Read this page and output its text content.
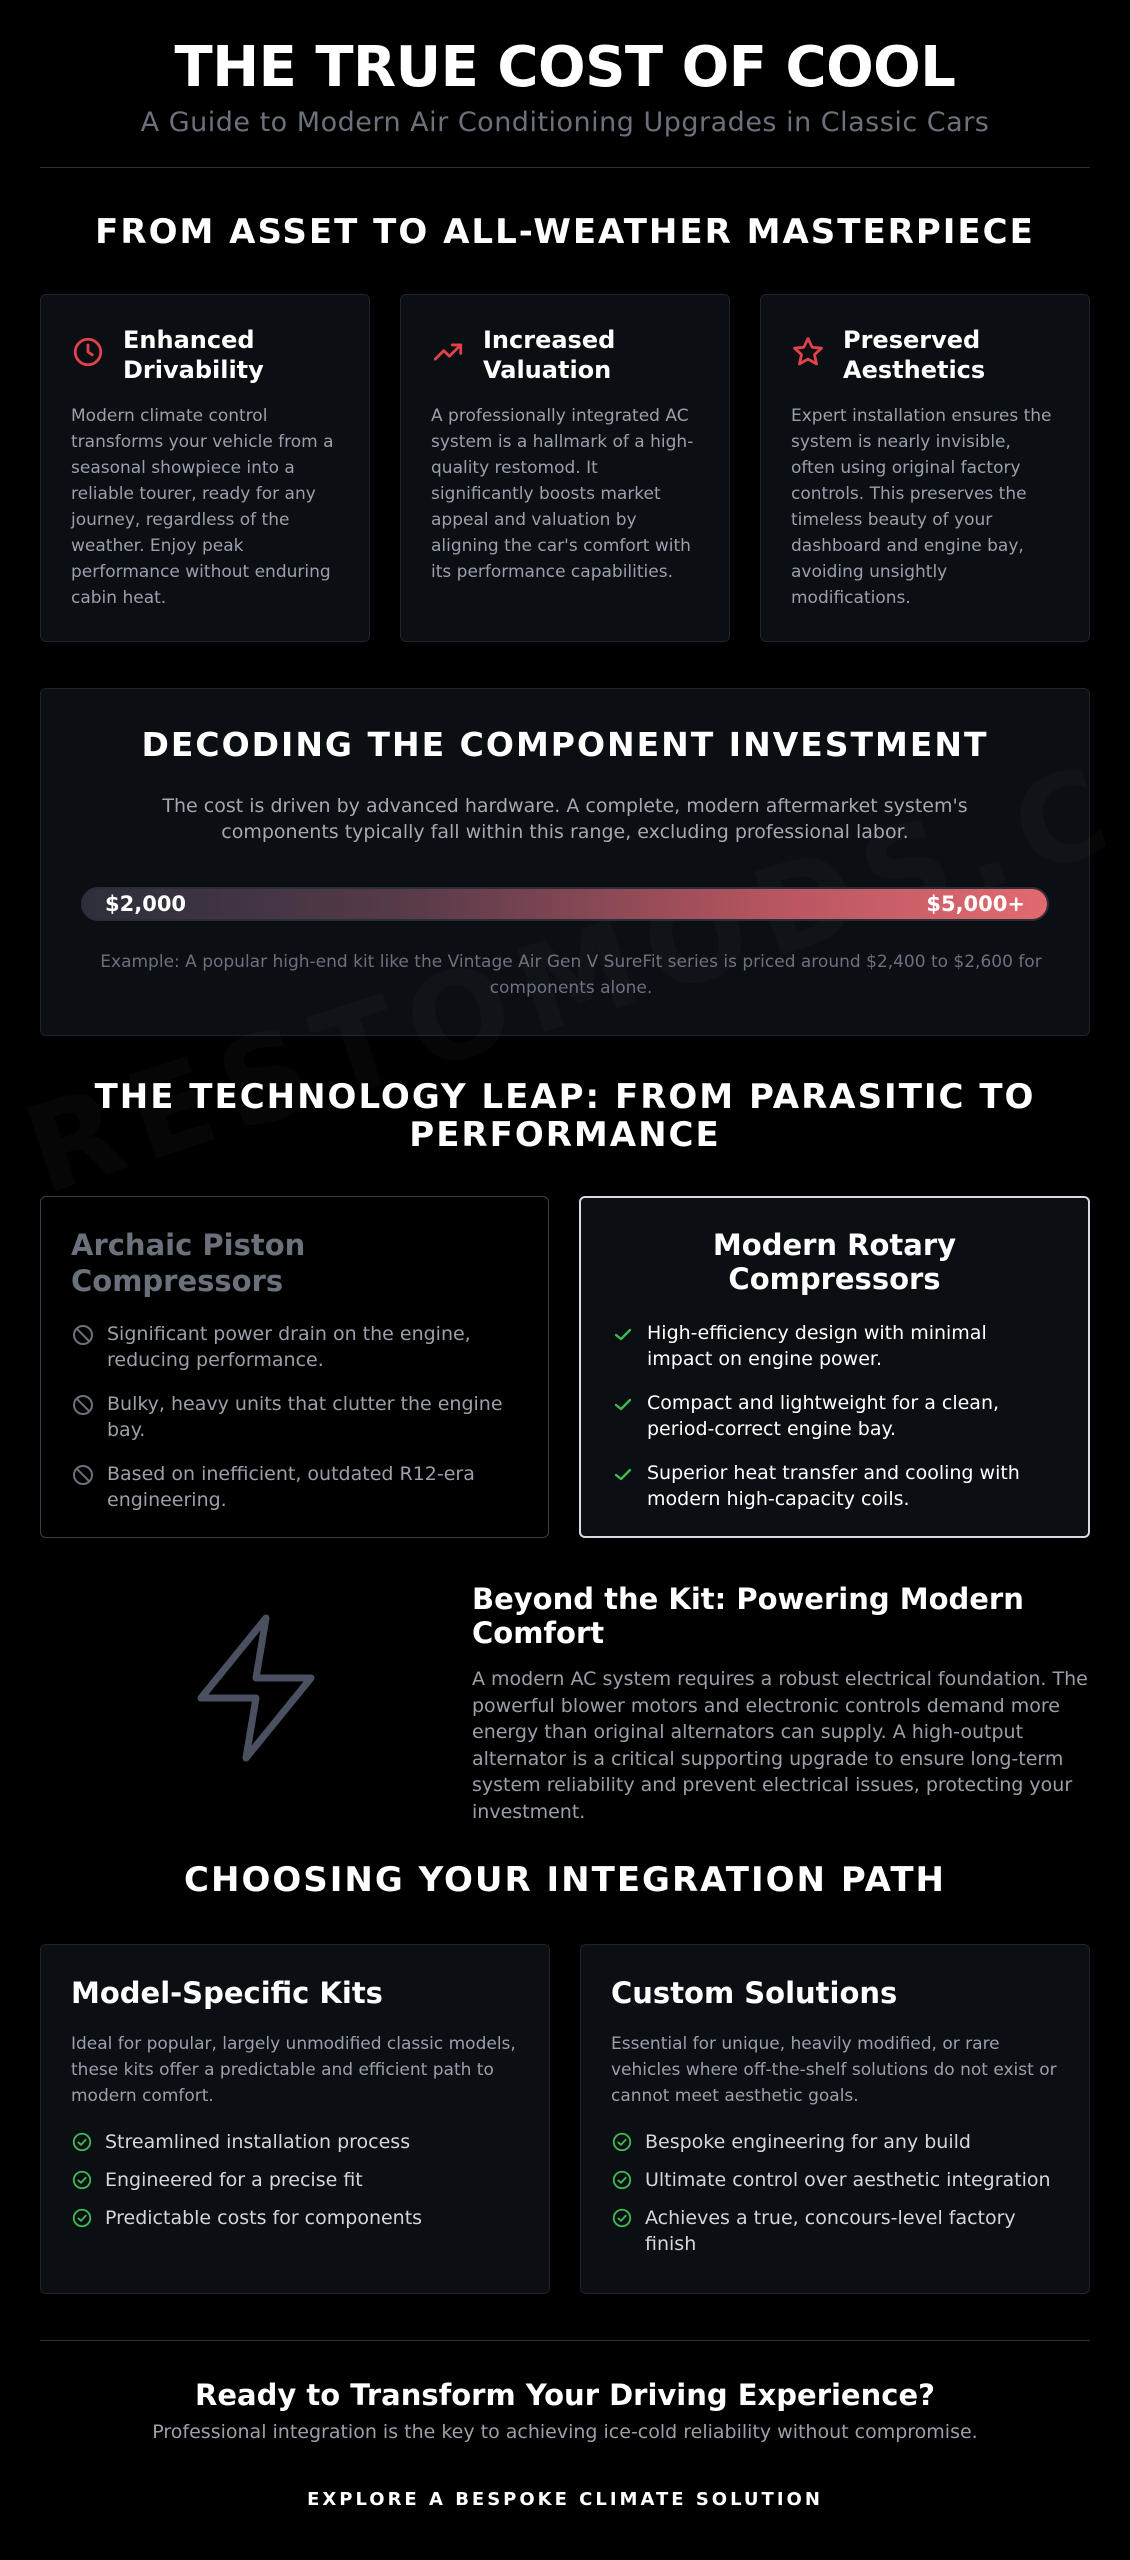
THE TRUE COST OF COOL

A Guide to Modern Air Conditioning Upgrades in Classic Cars

FROM ASSET TO ALL-WEATHER MASTERPIECE
Enhanced
Drivability

Modern climate control transforms your vehicle from a seasonal showpiece into a reliable tourer, ready for any journey, regardless of the weather. Enjoy peak performance without enduring cabin heat.

Increased
Valuation

A professionally integrated AC system is a hallmark of a high-quality restomod. It significantly boosts market appeal and valuation by aligning the car's comfort with its performance capabilities.

Preserved
Aesthetics

Expert installation ensures the system is nearly invisible, often using original factory controls. This preserves the timeless beauty of your dashboard and engine bay, avoiding unsightly modifications.

DECODING THE COMPONENT INVESTMENT

The cost is driven by advanced hardware. A complete, modern aftermarket system's components typically fall within this range, excluding professional labor.

$2,000	$5,000+

Example: A popular high-end kit like the Vintage Air Gen V SureFit series is priced around $2,400 to $2,600 for components alone.

THE TECHNOLOGY LEAP: FROM PARASITIC TO
PERFORMANCE
Archaic Piston Compressors
Significant power drain on the engine, reducing performance.
Bulky, heavy units that clutter the engine bay.
Based on inefficient, outdated R12-era engineering.
Modern Rotary
Compressors
High-efficiency design with minimal impact on engine power.
Compact and lightweight for a clean, period-correct engine bay.
Superior heat transfer and cooling with modern high-capacity coils.
Beyond the Kit: Powering Modern
Comfort

A modern AC system requires a robust electrical foundation. The powerful blower motors and electronic controls demand more energy than original alternators can supply. A high-output alternator is a critical supporting upgrade to ensure long-term system reliability and prevent electrical issues, protecting your investment.

CHOOSING YOUR INTEGRATION PATH
Model-Specific Kits

Ideal for popular, largely unmodified classic models, these kits offer a predictable and efficient path to modern comfort.

Streamlined installation process
Engineered for a precise fit
Predictable costs for components
Custom Solutions

Essential for unique, heavily modified, or rare vehicles where off-the-shelf solutions do not exist or cannot meet aesthetic goals.

Bespoke engineering for any build
Ultimate control over aesthetic integration
Achieves a true, concours-level factory finish
Ready to Transform Your Driving Experience?

Professional integration is the key to achieving ice-cold reliability without compromise.

EXPLORE A BESPOKE CLIMATE SOLUTION
